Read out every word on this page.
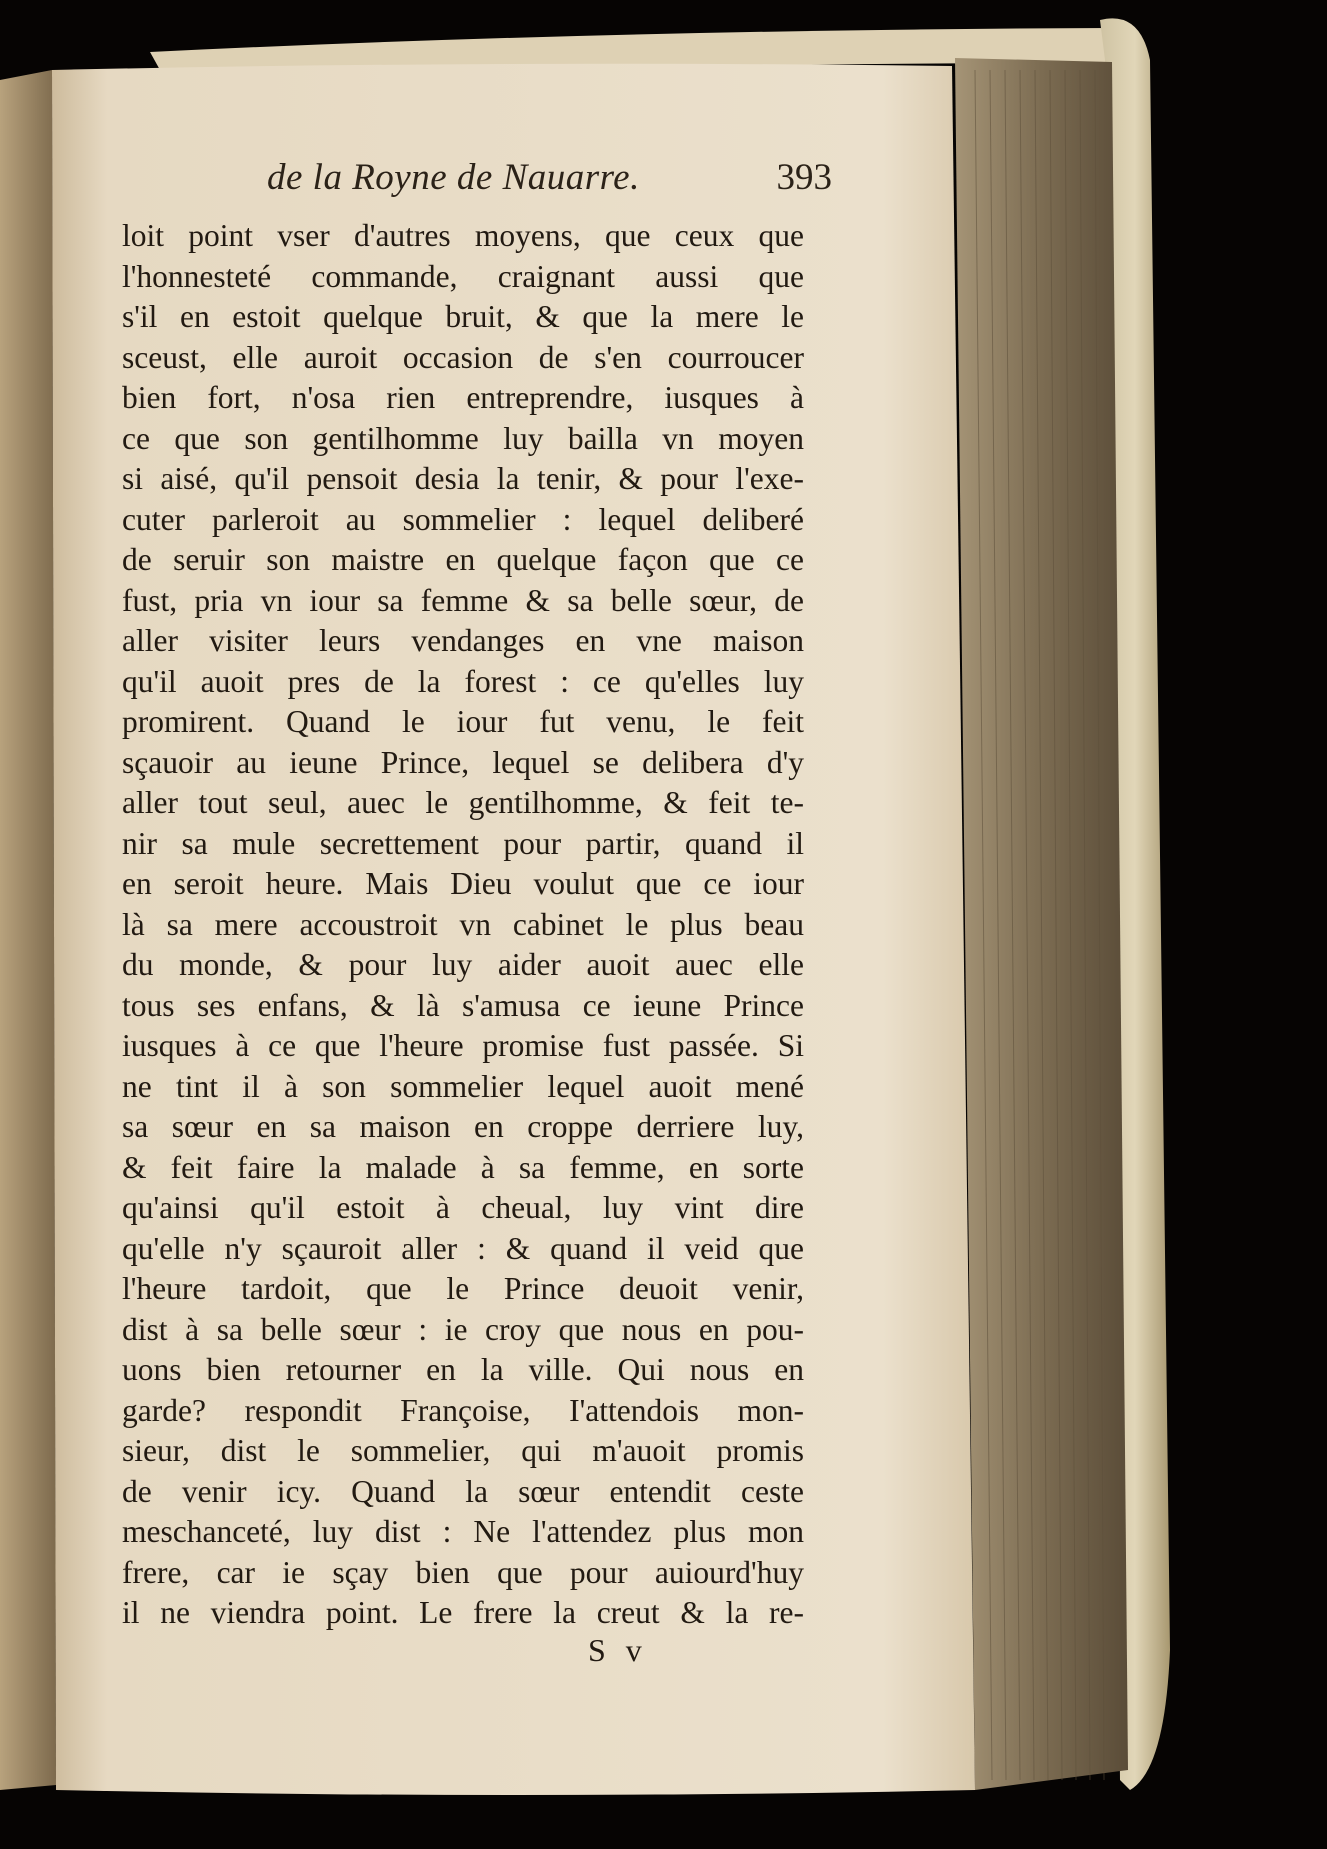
de la Royne de Nauarre.	393
loit point vser d'autres moyens, que ceux que
l'honnesteté commande, craignant aussi que
s'il en estoit quelque bruit, & que la mere le
sceust, elle auroit occasion de s'en courroucer
bien fort, n'osa rien entreprendre, iusques à
ce que son gentilhomme luy bailla vn moyen
si aisé, qu'il pensoit desia la tenir, & pour l'exe-
cuter parleroit au sommelier : lequel deliberé
de seruir son maistre en quelque façon que ce
fust, pria vn iour sa femme & sa belle sœur, de
aller visiter leurs vendanges en vne maison
qu'il auoit pres de la forest : ce qu'elles luy
promirent. Quand le iour fut venu, le feit
sçauoir au ieune Prince, lequel se delibera d'y
aller tout seul, auec le gentilhomme, & feit te-
nir sa mule secrettement pour partir, quand il
en seroit heure. Mais Dieu voulut que ce iour
là sa mere accoustroit vn cabinet le plus beau
du monde, & pour luy aider auoit auec elle
tous ses enfans, & là s'amusa ce ieune Prince
iusques à ce que l'heure promise fust passée. Si
ne tint il à son sommelier lequel auoit mené
sa sœur en sa maison en croppe derriere luy,
& feit faire la malade à sa femme, en sorte
qu'ainsi qu'il estoit à cheual, luy vint dire
qu'elle n'y sçauroit aller : & quand il veid que
l'heure tardoit, que le Prince deuoit venir,
dist à sa belle sœur : ie croy que nous en pou-
uons bien retourner en la ville. Qui nous en
garde? respondit Françoise, I'attendois mon-
sieur, dist le sommelier, qui m'auoit promis
de venir icy. Quand la sœur entendit ceste
meschanceté, luy dist : Ne l'attendez plus mon
frere, car ie sçay bien que pour auiourd'huy
il ne viendra point. Le frere la creut & la re-
S v
